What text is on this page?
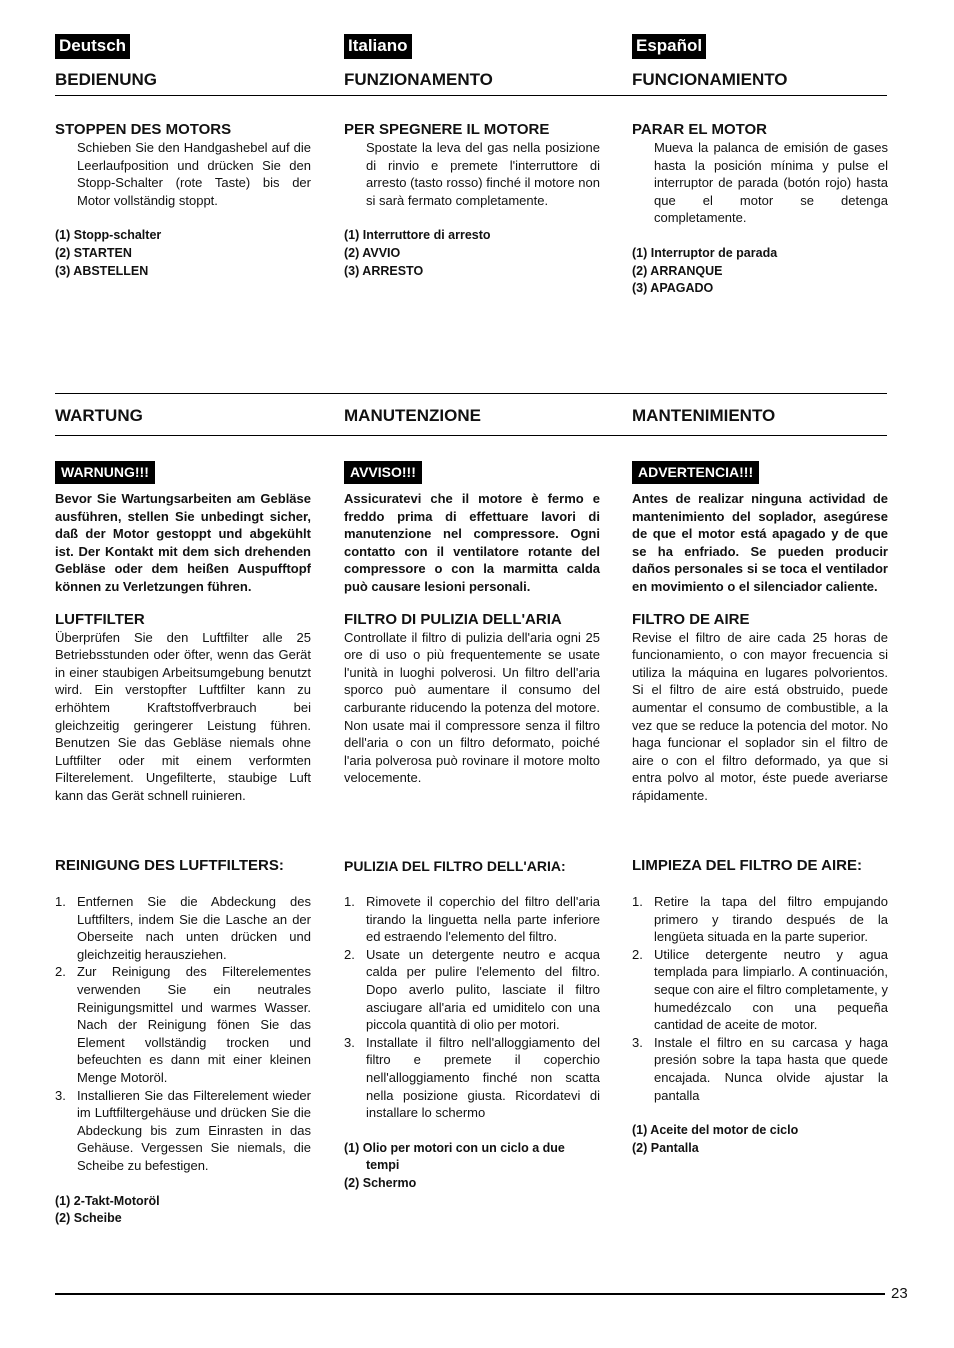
Deutsch	Italiano	Español
BEDIENUNG	FUNZIONAMENTO	FUNCIONAMIENTO

STOPPEN DES MOTORS

Schieben Sie den Handgashebel auf die Leerlaufposition und drücken Sie den Stopp-Schalter (rote Taste) bis der Motor vollständig stoppt.

(1) Stopp-schalter
(2) STARTEN
(3) ABSTELLEN

PER SPEGNERE IL MOTORE

Spostate la leva del gas nella posizione di rinvio e premete l'interruttore di arresto (tasto rosso) finché il motore non si sarà fermato completamente.

(1) Interruttore di arresto
(2) AVVIO
(3) ARRESTO

PARAR EL MOTOR

Mueva la palanca de emisión de gases hasta la posición mínima y pulse el interruptor de parada (botón rojo) hasta que el motor se detenga completamente.

(1) Interruptor de parada
(2) ARRANQUE
(3) APAGADO
WARTUNG	MANUTENZIONE	MANTENIMIENTO
WARNUNG!!!

Bevor Sie Wartungsarbeiten am Gebläse ausführen, stellen Sie unbedingt sicher, daß der Motor gestoppt und abgekühlt ist. Der Kontakt mit dem sich drehenden Gebläse oder dem heißen Auspufftopf können zu Verletzungen führen.

LUFTFILTER

Überprüfen Sie den Luftfilter alle 25 Betriebsstunden oder öfter, wenn das Gerät in einer staubigen Arbeitsumgebung benutzt wird. Ein verstopfter Luftfilter kann zu erhöhtem Kraftstoffverbrauch bei gleichzeitig geringerer Leistung führen. Benutzen Sie das Gebläse niemals ohne Luftfilter oder mit einem verformten Filterelement. Ungefilterte, staubige Luft kann das Gerät schnell ruinieren.

AVVISO!!!

Assicuratevi che il motore è fermo e freddo prima di effettuare lavori di manutenzione nel compressore. Ogni contatto con il ventilatore rotante del compressore o con la marmitta calda può causare lesioni personali.

FILTRO DI PULIZIA DELL'ARIA

Controllate il filtro di pulizia dell'aria ogni 25 ore di uso o più frequentemente se usate l'unità in luoghi polverosi. Un filtro dell'aria sporco può aumentare il consumo del carburante riducendo la potenza del motore. Non usate mai il compressore senza il filtro dell'aria o con un filtro deformato, poiché l'aria polverosa può rovinare il motore molto velocemente.

ADVERTENCIA!!!

Antes de realizar ninguna actividad de mantenimiento del soplador, asegúrese de que el motor está apagado y de que se ha enfriado. Se pueden producir daños personales si se toca el ventilador en movimiento o el silenciador caliente.

FILTRO DE AIRE

Revise el filtro de aire cada 25 horas de funcionamiento, o con mayor frecuencia si utiliza la máquina en lugares polvorientos. Si el filtro de aire está obstruido, puede aumentar el consumo de combustible, a la vez que se reduce la potencia del motor. No haga funcionar el soplador sin el filtro de aire o con el filtro deformado, ya que si entra polvo al motor, éste puede averiarse rápidamente.

REINIGUNG DES LUFTFILTERS:

1. Entfernen Sie die Abdeckung des Luftfilters, indem Sie die Lasche an der Oberseite nach unten drücken und gleichzeitig herausziehen.
2. Zur Reinigung des Filterelementes verwenden Sie ein neutrales Reinigungsmittel und warmes Wasser. Nach der Reinigung fönen Sie das Element vollständig trocken und befeuchten es dann mit einer kleinen Menge Motoröl.
3. Installieren Sie das Filterelement wieder im Luftfiltergehäuse und drücken Sie die Abdeckung bis zum Einrasten in das Gehäuse. Vergessen Sie niemals, die Scheibe zu befestigen.
(1) 2-Takt-Motoröl
(2) Scheibe

PULIZIA DEL FILTRO DELL'ARIA:

1. Rimovete il coperchio del filtro dell'aria tirando la linguetta nella parte inferiore ed estraendo l'elemento del filtro.
2. Usate un detergente neutro e acqua calda per pulire l'elemento del filtro. Dopo averlo pulito, lasciate il filtro asciugare all'aria ed umiditelo con una piccola quantità di olio per motori.
3. Installate il filtro nell'alloggiamento del filtro e premete il coperchio nell'alloggiamento finché non scatta nella posizione giusta. Ricordatevi di installare lo schermo
(1) Olio per motori con un ciclo a due
tempi
(2) Schermo

LIMPIEZA DEL FILTRO DE AIRE:

1. Retire la tapa del filtro empujando primero y tirando después de la lengüeta situada en la parte superior.
2. Utilice detergente neutro y agua templada para limpiarlo. A continuación, seque con aire el filtro completamente, y humedézcalo con una pequeña cantidad de aceite de motor.
3. Instale el filtro en su carcasa y haga presión sobre la tapa hasta que quede encajada. Nunca olvide ajustar la pantalla
(1) Aceite del motor de ciclo
(2) Pantalla
23
